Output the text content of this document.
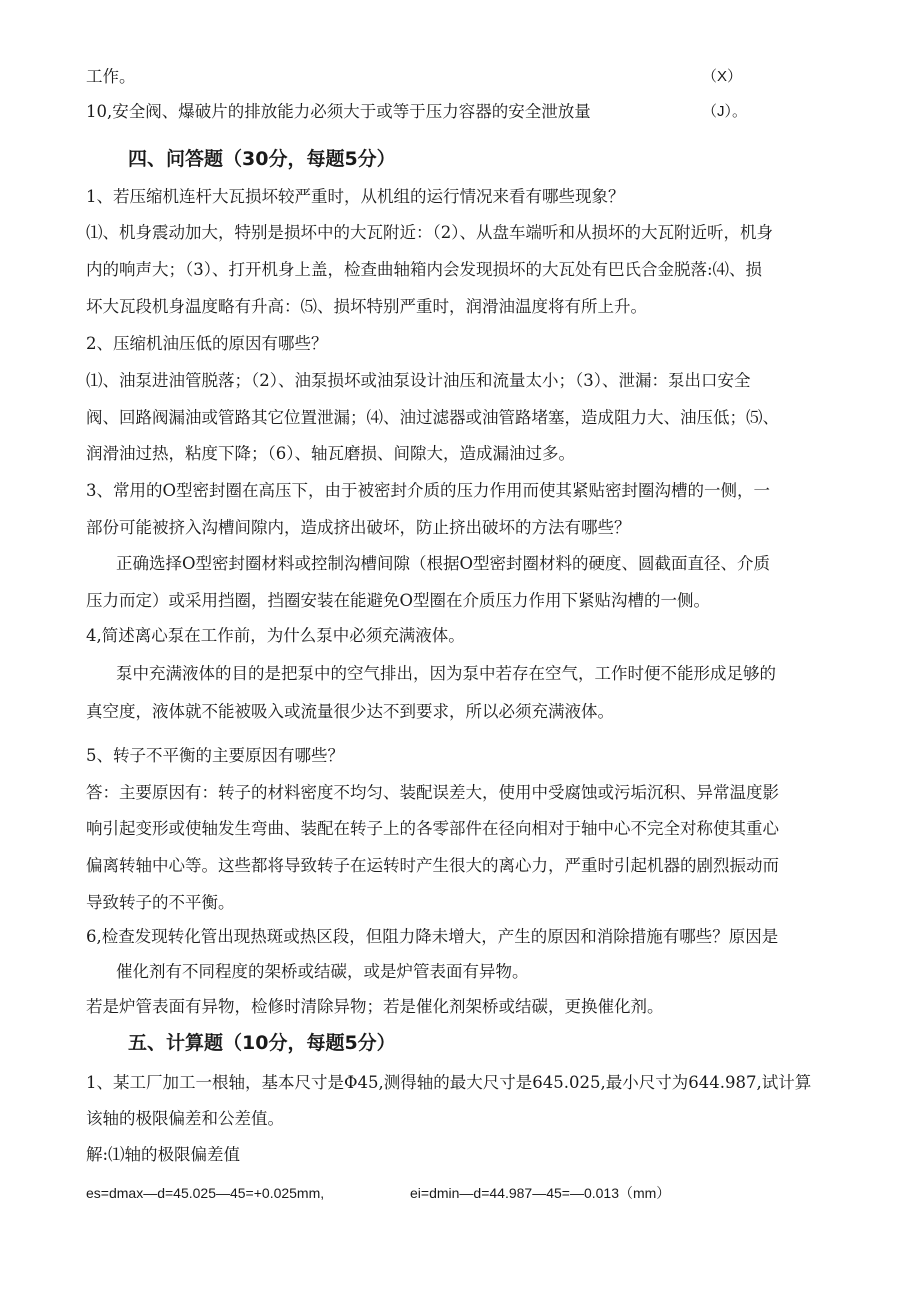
工作。	（X）
10,安全阀、爆破片的排放能力必须大于或等于压力容器的安全泄放量	（J）。
四、问答题（30分，每题5分）
1、若压缩机连杆大瓦损坏较严重时，从机组的运行情况来看有哪些现象？
⑴、机身震动加大，特别是损坏中的大瓦附近：（2）、从盘车端听和从损坏的大瓦附近听，机身
内的响声大；（3）、打开机身上盖，检查曲轴箱内会发现损坏的大瓦处有巴氏合金脱落:⑷、损
坏大瓦段机身温度略有升高：⑸、损坏特别严重时，润滑油温度将有所上升。
2、压缩机油压低的原因有哪些？
⑴、油泵进油管脱落；（2）、油泵损坏或油泵设计油压和流量太小；（3）、泄漏：泵出口安全
阀、回路阀漏油或管路其它位置泄漏；⑷、油过滤器或油管路堵塞，造成阻力大、油压低；⑸、
润滑油过热，粘度下降；（6）、轴瓦磨损、间隙大，造成漏油过多。
3、常用的O型密封圈在高压下，由于被密封介质的压力作用而使其紧贴密封圈沟槽的一侧，一
部份可能被挤入沟槽间隙内，造成挤出破坏，防止挤出破坏的方法有哪些？
正确选择O型密封圈材料或控制沟槽间隙（根据O型密封圈材料的硬度、圆截面直径、介质
压力而定）或采用挡圈，挡圈安装在能避免O型圈在介质压力作用下紧贴沟槽的一侧。
4,简述离心泵在工作前，为什么泵中必须充满液体。
泵中充满液体的目的是把泵中的空气排出，因为泵中若存在空气，工作时便不能形成足够的
真空度，液体就不能被吸入或流量很少达不到要求，所以必须充满液体。
5、转子不平衡的主要原因有哪些？
答：主要原因有：转子的材料密度不均匀、装配误差大，使用中受腐蚀或污垢沉积、异常温度影
响引起变形或使轴发生弯曲、装配在转子上的各零部件在径向相对于轴中心不完全对称使其重心
偏离转轴中心等。这些都将导致转子在运转时产生很大的离心力，严重时引起机器的剧烈振动而
导致转子的不平衡。
6,检查发现转化管出现热斑或热区段，但阻力降未增大，产生的原因和消除措施有哪些？原因是
催化剂有不同程度的架桥或结碳，或是炉管表面有异物。
若是炉管表面有异物，检修时清除异物；若是催化剂架桥或结碳，更换催化剂。
五、计算题（10分，每题5分）
1、某工厂加工一根轴，基本尺寸是Φ45,测得轴的最大尺寸是645.025,最小尺寸为644.987,试计算
该轴的极限偏差和公差值。
解:⑴轴的极限偏差值
es=dmax—d=45.025—45=+0.025mm,	ei=dmin—d=44.987—45=—0.013（mm）
